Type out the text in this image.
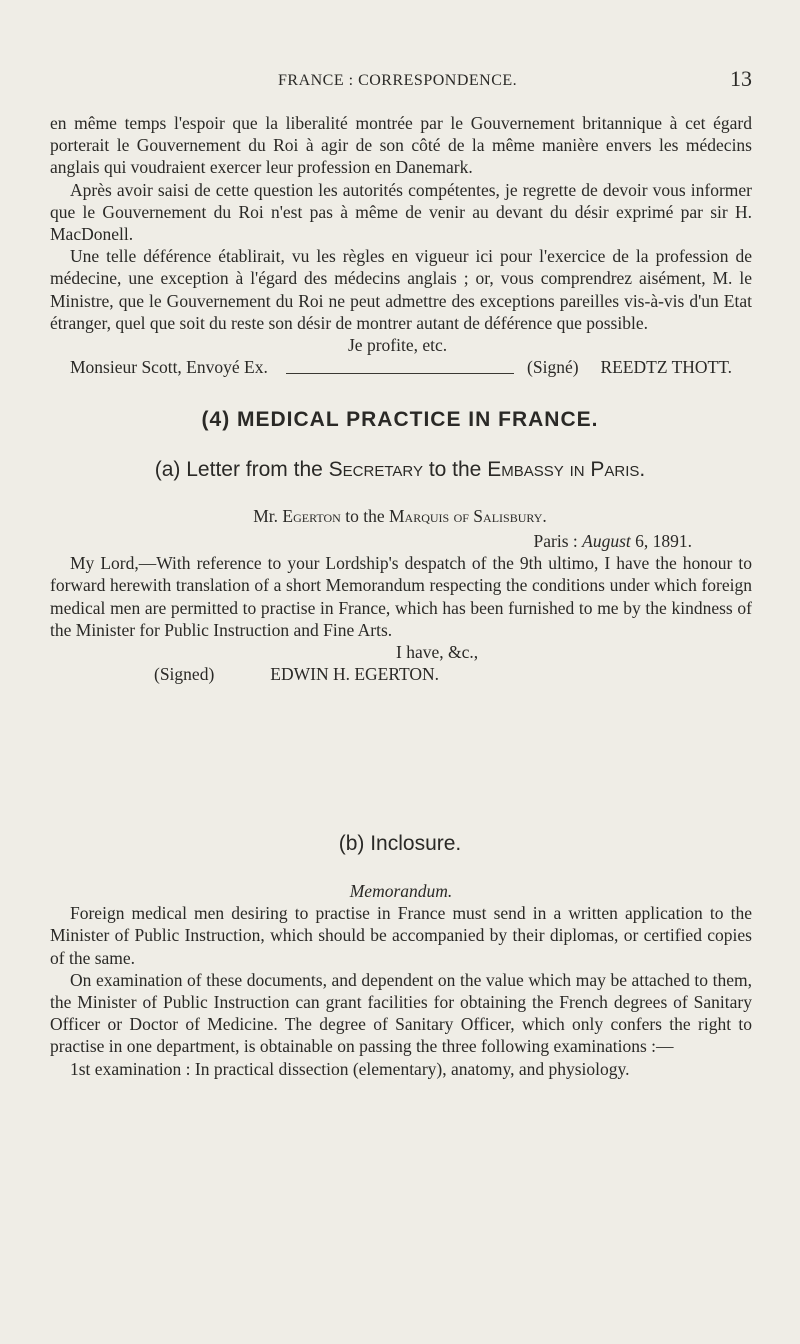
FRANCE : CORRESPONDENCE.	13

en même temps l'espoir que la liberalité montrée par le Gouvernement britannique à cet égard porterait le Gouvernement du Roi à agir de son côté de la même manière envers les médecins anglais qui voudraient exercer leur profession en Danemark.

Après avoir saisi de cette question les autorités compétentes, je regrette de devoir vous informer que le Gouvernement du Roi n'est pas à même de venir au devant du désir exprimé par sir H. MacDonell.

Une telle déférence établirait, vu les règles en vigueur ici pour l'exercice de la profession de médecine, une exception à l'égard des médecins anglais ; or, vous comprendrez aisément, M. le Ministre, que le Gouvernement du Roi ne peut admettre des exceptions pareilles vis-à-vis d'un Etat étranger, quel que soit du reste son désir de montrer autant de déférence que possible.

Je profite, etc.

Monsieur Scott, Envoyé Ex.	(Signé) REEDTZ THOTT.
(4) MEDICAL PRACTICE IN FRANCE.
(a) Letter from the Secretary to the Embassy in Paris.
Mr. Egerton to the Marquis of Salisbury.

Paris : August 6, 1891.

My Lord,—With reference to your Lordship's despatch of the 9th ultimo, I have the honour to forward herewith translation of a short Memorandum respecting the conditions under which foreign medical men are permitted to practise in France, which has been furnished to me by the kindness of the Minister for Public Instruction and Fine Arts.

I have, &c.,

(Signed)	EDWIN H. EGERTON.
(b) Inclosure.

Memorandum.

Foreign medical men desiring to practise in France must send in a written application to the Minister of Public Instruction, which should be accompanied by their diplomas, or certified copies of the same.

On examination of these documents, and dependent on the value which may be attached to them, the Minister of Public Instruction can grant facilities for obtaining the French degrees of Sanitary Officer or Doctor of Medicine. The degree of Sanitary Officer, which only confers the right to practise in one department, is obtainable on passing the three following examinations :—

1st examination : In practical dissection (elementary), anatomy, and physiology.
